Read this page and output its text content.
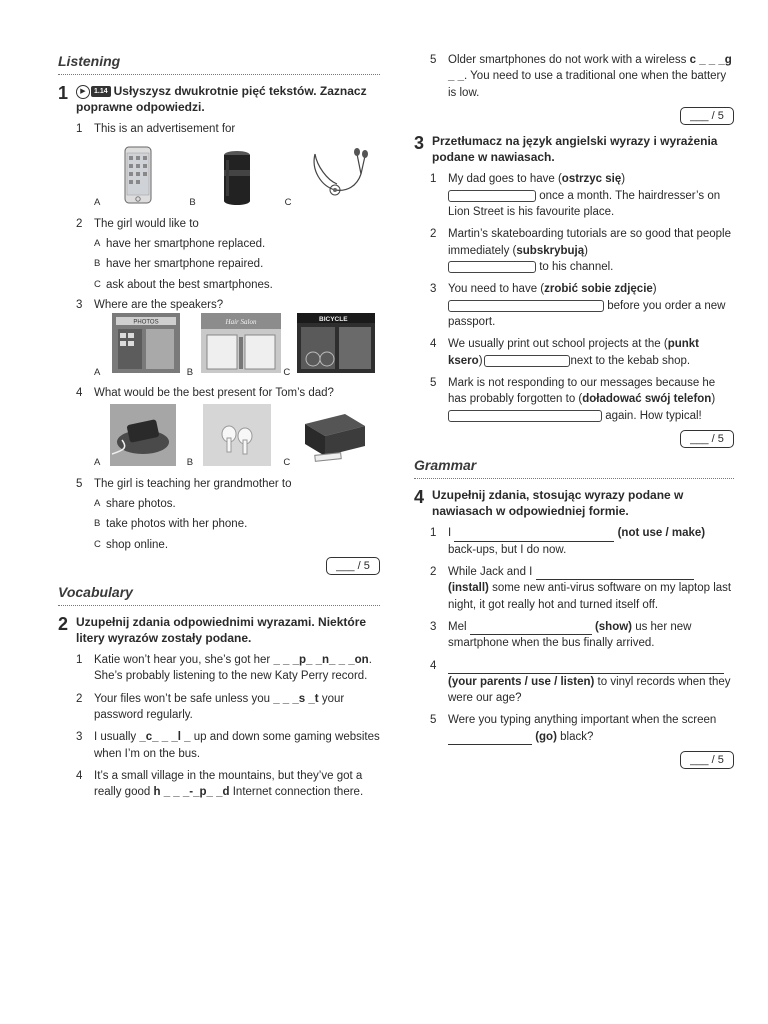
Listening
1	▶	1.14 Usłyszysz dwukrotnie pięć tekstów. Zaznacz poprawne odpowiedzi.
1	This is an advertisement for
A	B	C
2	The girl would like to
A have her smartphone replaced.
B have her smartphone repaired.
C ask about the best smartphones.
3	Where are the speakers?
A
PHOTOS
B
Hair Salon
C
BICYCLE
4	What would be the best present for Tom’s dad?
A	B	C
5	The girl is teaching her grandmother to
A share photos.
B take photos with her phone.
C shop online.
___ / 5
Vocabulary
2 Uzupełnij zdania odpowiednimi wyrazami. Niektóre litery wyrazów zostały podane.
1	Katie won’t hear you, she’s got her _ _ _p_ _n_ _ _on. She’s probably listening to the new Katy Perry record.
2	Your files won’t be safe unless you _ _ _s _t your password regularly.
3	I usually _c_ _ _l _ up and down some gaming websites when I’m on the bus.
4	It’s a small village in the mountains, but they’ve got a really good h _ _ _-_p_ _d Internet connection there.
5	Older smartphones do not work with a wireless c _ _ _g _ _. You need to use a traditional one when the battery is low.
___ / 5
3 Przetłumacz na język angielski wyrazy i wyrażenia podane w nawiasach.
1	My dad goes to have (ostrzyc się)
once a month. The hairdresser’s on Lion Street is his favourite place.
2	Martin’s skateboarding tutorials are so good that people immediately (subskrybują)
to his channel.
3	You need to have (zrobić sobie zdjęcie)
before you order a new passport.
4	We usually print out school projects at the (punkt ksero)	next to the kebab shop.
5	Mark is not responding to our messages because he has probably forgotten to (doładować swój telefon)
again. How typical!
___ / 5
Grammar
4 Uzupełnij zdania, stosując wyrazy podane w nawiasach w odpowiedniej formie.
1	I	(not use / make) back-ups, but I do now.
2	While Jack and I
(install) some new anti-virus software on my laptop last night, it got really hot and turned itself off.
3	Mel	(show) us her new smartphone when the bus finally arrived.
4

(your parents / use / listen) to vinyl records when they were our age?
5	Were you typing anything important when the screen  (go) black?
___ / 5
